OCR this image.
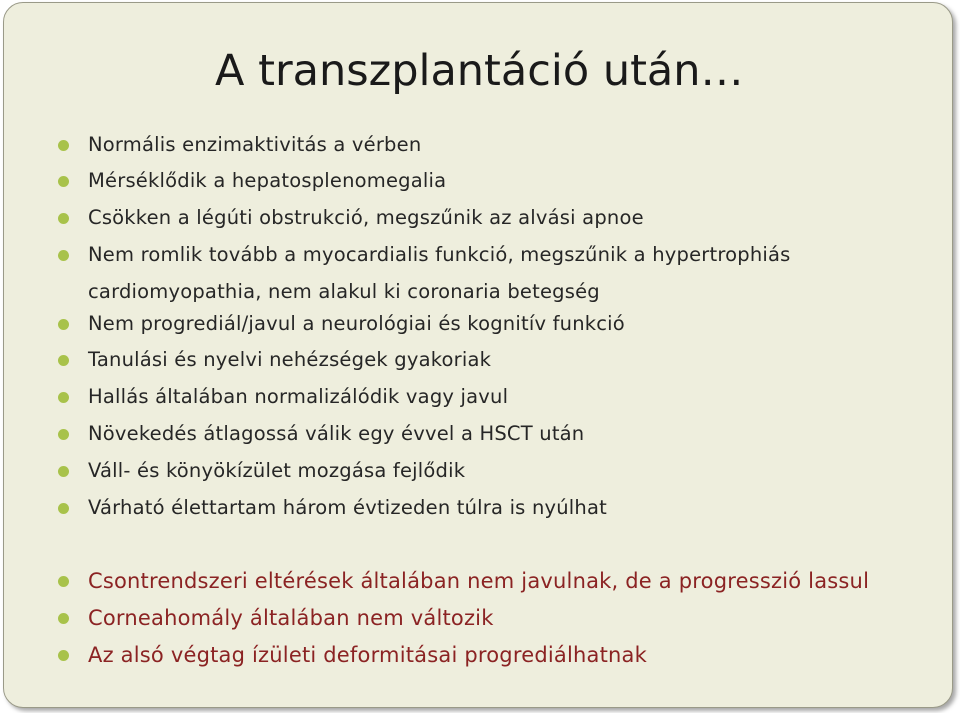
A transzplantáció után…
Normális enzimaktivitás a vérben
Mérséklődik a hepatosplenomegalia
Csökken a légúti obstrukció, megszűnik az alvási apnoe
Nem romlik tovább a myocardialis funkció, megszűnik a hypertrophiás
cardiomyopathia, nem alakul ki coronaria betegség
Nem progrediál/javul a neurológiai és kognitív funkció
Tanulási és nyelvi nehézségek gyakoriak
Hallás általában normalizálódik vagy javul
Növekedés átlagossá válik egy évvel a HSCT után
Váll- és könyökízület mozgása fejlődik
Várható élettartam három évtizeden túlra is nyúlhat
Csontrendszeri eltérések általában nem javulnak, de a progresszió lassul
Corneahomály általában nem változik
Az alsó végtag ízületi deformitásai progrediálhatnak
